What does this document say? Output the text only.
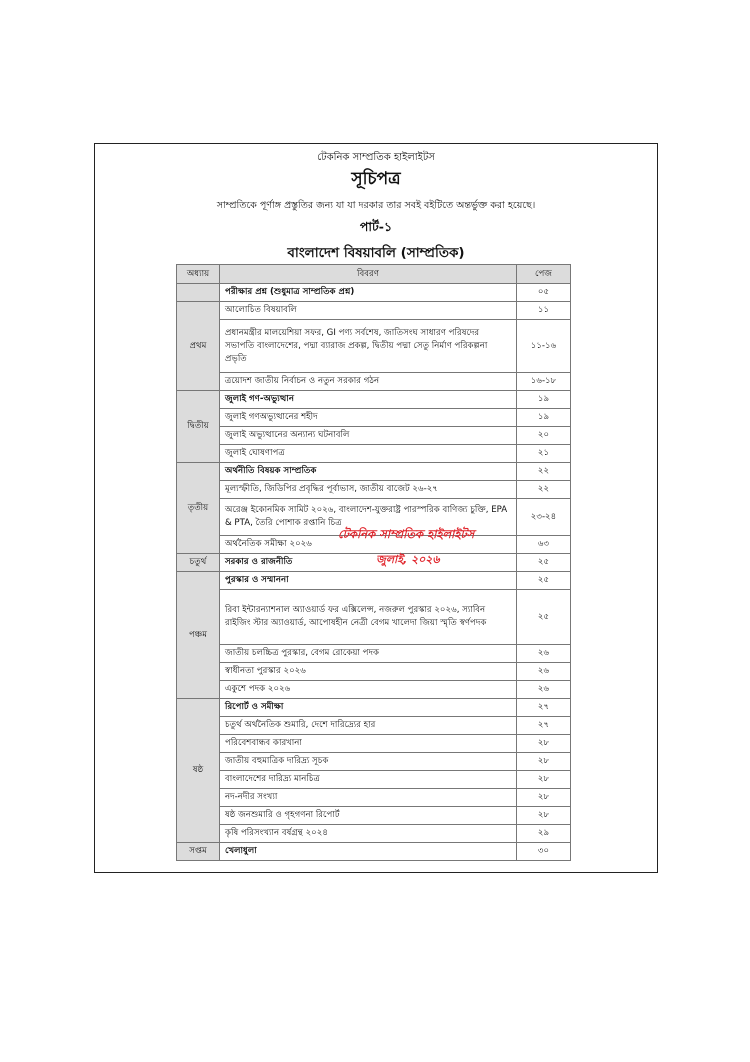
টেকনিক সাম্প্রতিক হাইলাইটস
সূচিপত্র
সাম্প্রতিকে পূর্ণাঙ্গ প্রস্তুতির জন্য যা যা দরকার তার সবই বইটিতে অন্তর্ভুক্ত করা হয়েছে।
পার্ট-১
বাংলাদেশ বিষয়াবলি (সাম্প্রতিক)
অধ্যায়	বিবরণ	পেজ
	পরীক্ষার প্রশ্ন (শুধুমাত্র সাম্প্রতিক প্রশ্ন)	০৫
প্রথম	আলোচিত বিষয়াবলি	১১
	প্রধানমন্ত্রীর মালয়েশিয়া সফর, GI পণ্য সর্বশেষ, জাতিসংঘ সাধারণ পরিষদের সভাপতি বাংলাদেশের, পদ্মা ব্যারাজ প্রকল্প, দ্বিতীয় পদ্মা সেতু নির্মাণ পরিকল্পনা প্রভৃতি	১১-১৬
	ত্রয়োদশ জাতীয় নির্বাচন ও নতুন সরকার গঠন	১৬-১৮
দ্বিতীয়	জুলাই গণ-অভ্যুত্থান	১৯
	জুলাই গণঅভ্যুত্থানের শহীদ	১৯
	জুলাই অভ্যুত্থানের অন্যান্য ঘটনাবলি	২০
	জুলাই ঘোষণাপত্র	২১
তৃতীয়	অর্থনীতি বিষয়ক সাম্প্রতিক	২২
	মূল্যস্ফীতি, জিডিপির প্রবৃদ্ধির পূর্বাভাস, জাতীয় বাজেট ২৬-২৭	২২
	অরেঞ্জ ইকোনমিক সামিট ২০২৬, বাংলাদেশ-যুক্তরাষ্ট্র পারস্পরিক বাণিজ্য চুক্তি, EPA & PTA, তৈরি পোশাক রপ্তানি চিত্র	২৩-২৪
	অর্থনৈতিক সমীক্ষা ২০২৬	৬৩
চতুর্থ	সরকার ও রাজনীতি	২৫
পঞ্চম	পুরস্কার ও সম্মাননা	২৫
	রিবা ইন্টারন্যাশনাল অ্যাওয়ার্ড ফর এক্সিলেন্স, নজরুল পুরস্কার ২০২৬, স্যাবিন রাইজিং স্টার অ্যাওয়ার্ড, আপোষহীন নেত্রী বেগম খালেদা জিয়া স্মৃতি স্বর্ণপদক	২৫
	জাতীয় চলচ্চিত্র পুরস্কার, বেগম রোকেয়া পদক	২৬
	স্বাধীনতা পুরস্কার ২০২৬	২৬
	একুশে পদক ২০২৬	২৬
ষষ্ঠ	রিপোর্ট ও সমীক্ষা	২৭
	চতুর্থ অর্থনৈতিক শুমারি, দেশে দারিদ্র্যের হার	২৭
	পরিবেশবান্ধব কারখানা	২৮
	জাতীয় বহুমাত্রিক দারিদ্র্য সূচক	২৮
	বাংলাদেশের দারিদ্র্য মানচিত্র	২৮
	নদ-নদীর সংখ্যা	২৮
	ষষ্ঠ জনশুমারি ও গৃহগণনা রিপোর্ট	২৮
	কৃষি পরিসংখ্যান বর্ষগ্রন্থ ২০২৪	২৯
সপ্তম	খেলাধুলা	৩০
টেকনিক সাম্প্রতিক হাইলাইটস
জুলাই, ২০২৬
